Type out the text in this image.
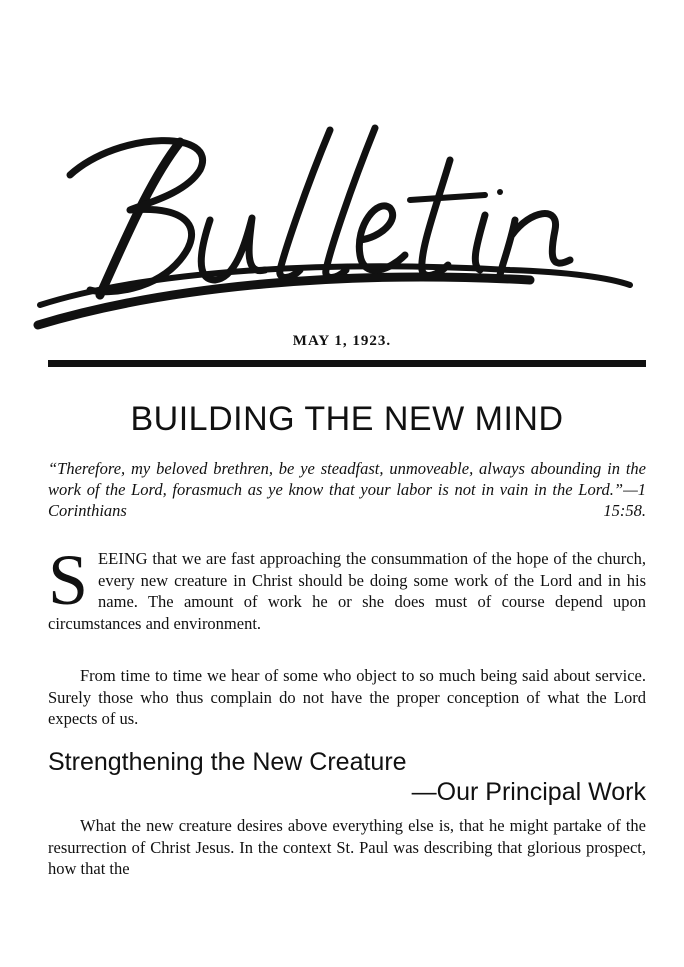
MAY 1, 1923.
BUILDING THE NEW MIND

“Therefore, my beloved brethren, be ye steadfast, unmoveable, always abounding in the work of the Lord, forasmuch as ye know that your labor is not in vain in the Lord.”—1 Corinthians 15:58.

SEEING that we are fast approaching the consummation of the hope of the church, every new creature in Christ should be doing some work of the Lord and in his name. The amount of work he or she does must of course depend upon circumstances and environment.

From time to time we hear of some who object to so much being said about service. Surely those who thus complain do not have the proper conception of what the Lord expects of us.

Strengthening the New Creature
—Our Principal Work

What the new creature desires above everything else is, that he might partake of the resurrection of Christ Jesus. In the context St. Paul was describing that glorious prospect, how that the
